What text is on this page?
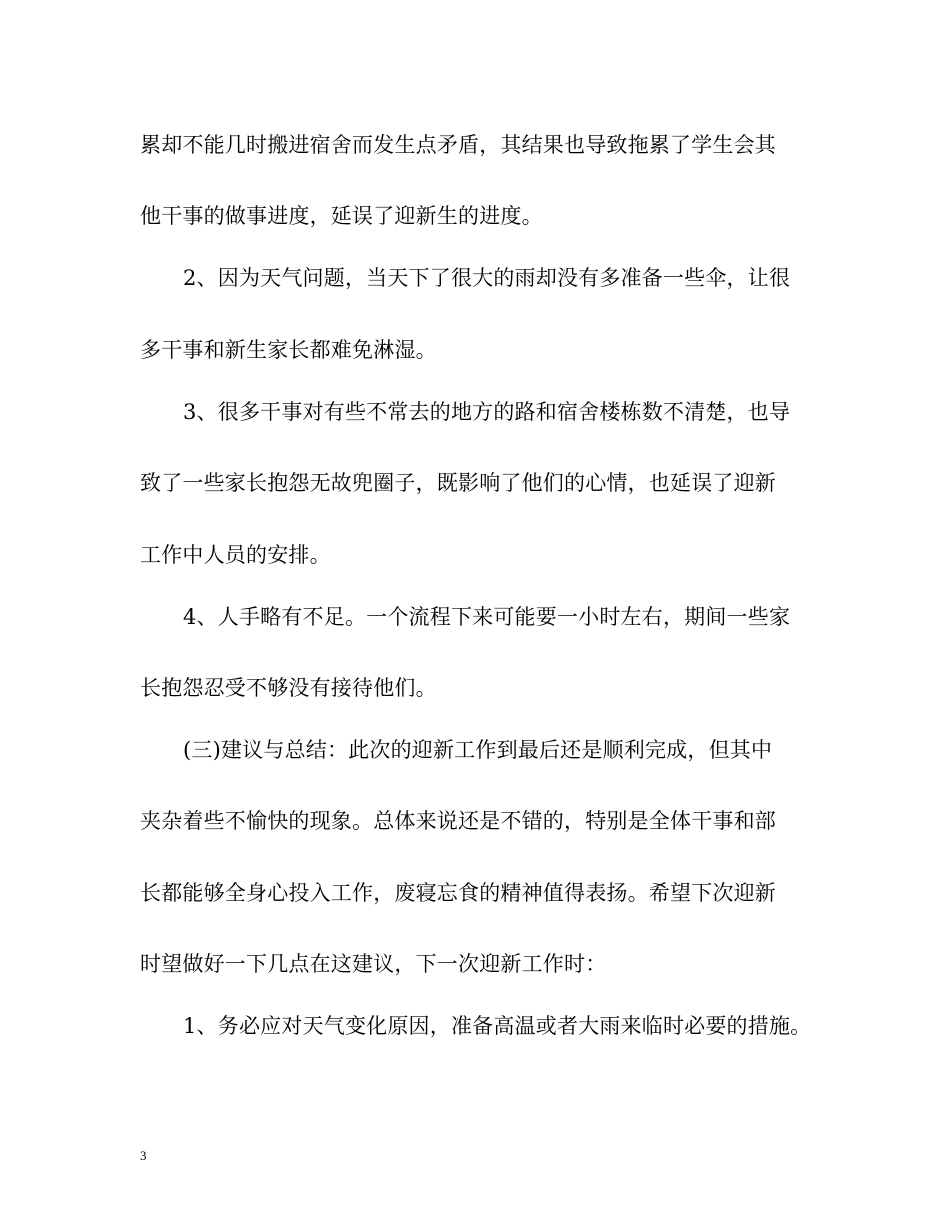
累却不能几时搬进宿舍而发生点矛盾，其结果也导致拖累了学生会其
他干事的做事进度，延误了迎新生的进度。
2、因为天气问题，当天下了很大的雨却没有多准备一些伞，让很
多干事和新生家长都难免淋湿。
3、很多干事对有些不常去的地方的路和宿舍楼栋数不清楚，也导
致了一些家长抱怨无故兜圈子，既影响了他们的心情，也延误了迎新
工作中人员的安排。
4、人手略有不足。一个流程下来可能要一小时左右，期间一些家
长抱怨忍受不够没有接待他们。
(三)建议与总结：此次的迎新工作到最后还是顺利完成，但其中
夹杂着些不愉快的现象。总体来说还是不错的，特别是全体干事和部
长都能够全身心投入工作，废寝忘食的精神值得表扬。希望下次迎新
时望做好一下几点在这建议，下一次迎新工作时：
1、务必应对天气变化原因，准备高温或者大雨来临时必要的措施。
3
